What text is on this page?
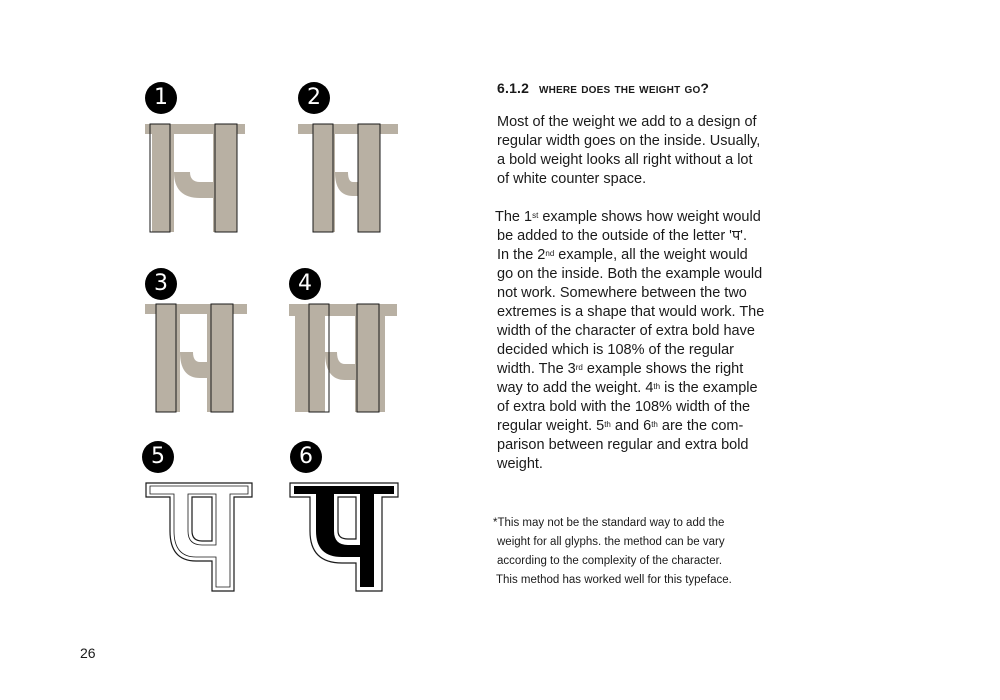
1	2
3	4
5	6
6.1.2 where does the weight go?
Most of the weight we add to a design of
regular width goes on the inside. Usually,
a bold weight looks all right without a lot
of white counter space.
The 1st example shows how weight would
be added to the outside of the letter 'प'.
In the 2nd example, all the weight would
go on the inside. Both the example would
not work. Somewhere between the two
extremes is a shape that would work. The
width of the character of extra bold have
decided which is 108% of the regular
width. The 3rd example shows the right
way to add the weight. 4th is the example
of extra bold with the 108% width of the
regular weight. 5th and 6th are the com-
parison between regular and extra bold
weight.
*This may not be the standard way to add the
weight for all glyphs. the method can be vary
according to the complexity of the character.
This method has worked well for this typeface.
26
